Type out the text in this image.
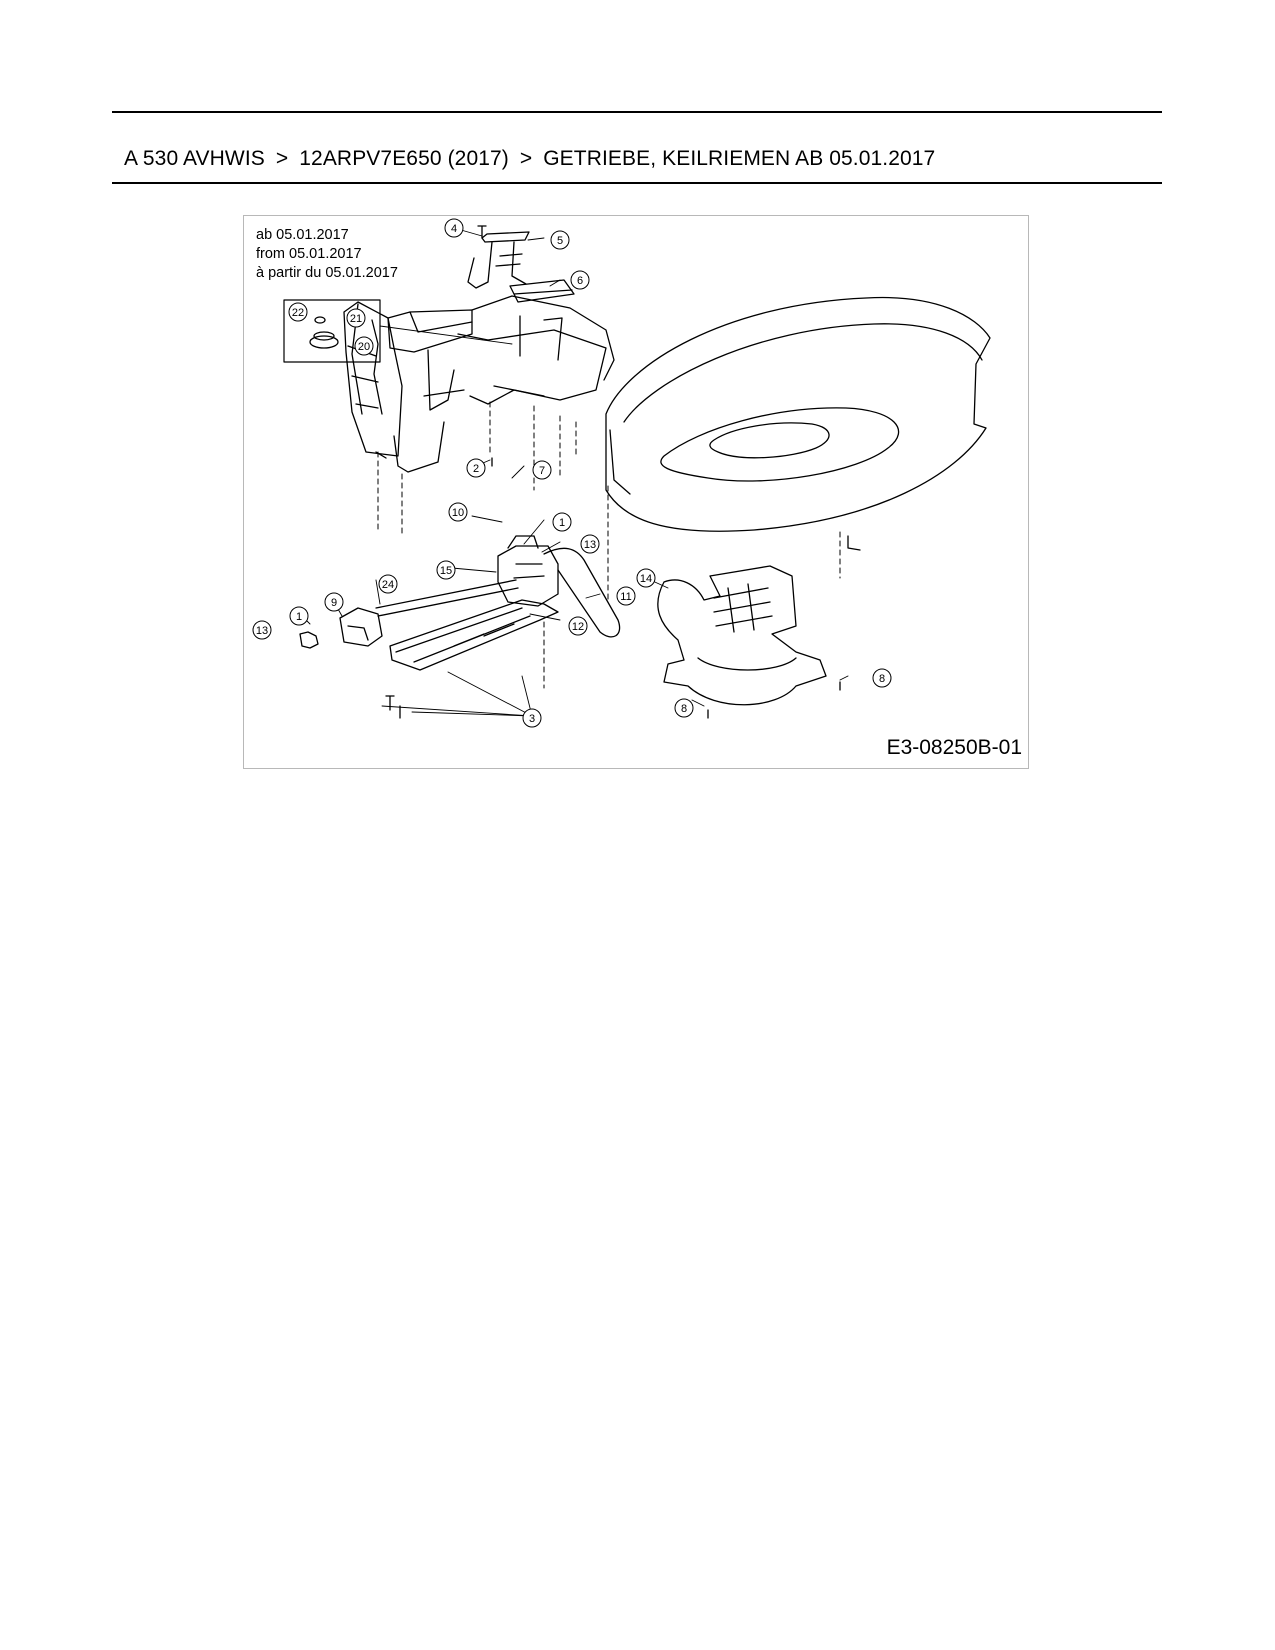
A 530 AVHWIS > 12ARPV7E650 (2017) > GETRIEBE, KEILRIEMEN AB 05.01.2017
1
1
2
3
4
5
6
7
8
8
9
10
11
12
13
13
14
15
20
21
22
24
ab 05.01.2017
from 05.01.2017
à partir du 05.01.2017
E3-08250B-01
